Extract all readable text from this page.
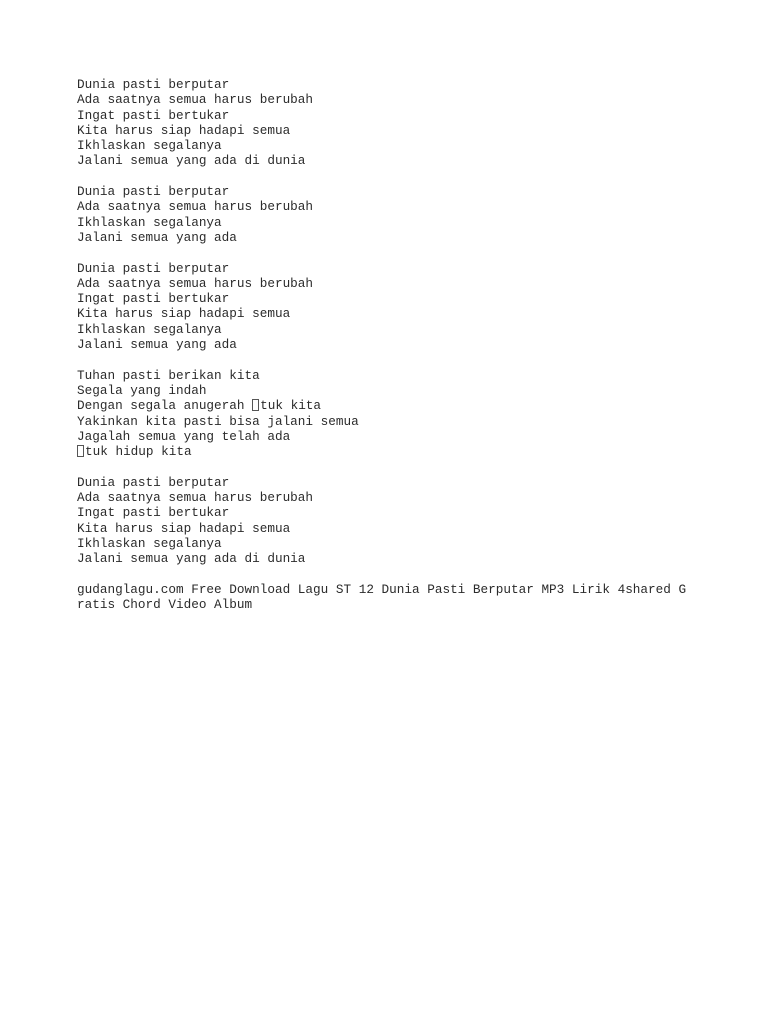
Dunia pasti berputar
Ada saatnya semua harus berubah
Ingat pasti bertukar
Kita harus siap hadapi semua
Ikhlaskan segalanya
Jalani semua yang ada di dunia
Dunia pasti berputar
Ada saatnya semua harus berubah
Ikhlaskan segalanya
Jalani semua yang ada
Dunia pasti berputar
Ada saatnya semua harus berubah
Ingat pasti bertukar
Kita harus siap hadapi semua
Ikhlaskan segalanya
Jalani semua yang ada
Tuhan pasti berikan kita
Segala yang indah
Dengan segala anugerah tuk kita
Yakinkan kita pasti bisa jalani semua
Jagalah semua yang telah ada
tuk hidup kita
Dunia pasti berputar
Ada saatnya semua harus berubah
Ingat pasti bertukar
Kita harus siap hadapi semua
Ikhlaskan segalanya
Jalani semua yang ada di dunia
gudanglagu.com Free Download Lagu ST 12 Dunia Pasti Berputar MP3 Lirik 4shared G
ratis Chord Video Album
